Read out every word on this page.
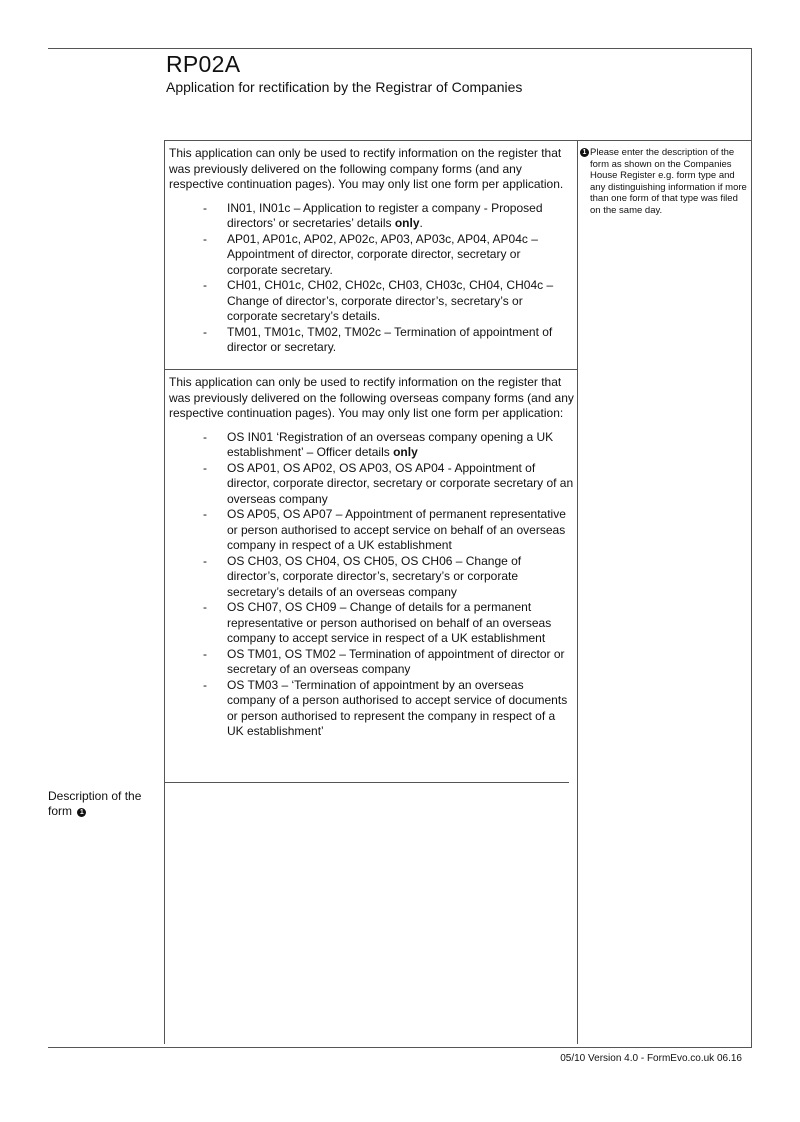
RP02A
Application for rectification by the Registrar of Companies

This application can only be used to rectify information on the register that was previously delivered on the following company forms (and any respective continuation pages). You may only list one form per application.

- IN01, IN01c – Application to register a company - Proposed directors’ or secretaries’ details only.

- AP01, AP01c, AP02, AP02c, AP03, AP03c, AP04, AP04c – Appointment of director, corporate director, secretary or corporate secretary.

- CH01, CH01c, CH02, CH02c, CH03, CH03c, CH04, CH04c – Change of director’s, corporate director’s, secretary’s or corporate secretary’s details.

- TM01, TM01c, TM02, TM02c – Termination of appointment of director or secretary.

This application can only be used to rectify information on the register that was previously delivered on the following overseas company forms (and any respective continuation pages). You may only list one form per application:

- OS IN01 ‘Registration of an overseas company opening a UK establishment’ – Officer details only

- OS AP01, OS AP02, OS AP03, OS AP04 - Appointment of director, corporate director, secretary or corporate secretary of an overseas company

- OS AP05, OS AP07 – Appointment of permanent representative or person authorised to accept service on behalf of an overseas company in respect of a UK establishment

- OS CH03, OS CH04, OS CH05, OS CH06 – Change of director’s, corporate director’s, secretary’s or corporate secretary’s details of an overseas company

- OS CH07, OS CH09 – Change of details for a permanent representative or person authorised on behalf of an overseas company to accept service in respect of a UK establishment

- OS TM01, OS TM02 – Termination of appointment of director or secretary of an overseas company

- OS TM03 – ‘Termination of appointment by an overseas company of a person authorised to accept service of documents or person authorised to represent the company in respect of a UK establishment’

1 Please enter the description of the form as shown on the Companies House Register e.g. form type and any distinguishing information if more than one form of that type was filed on the same day.
Description of the form 1
05/10 Version 4.0 - FormEvo.co.uk 06.16
